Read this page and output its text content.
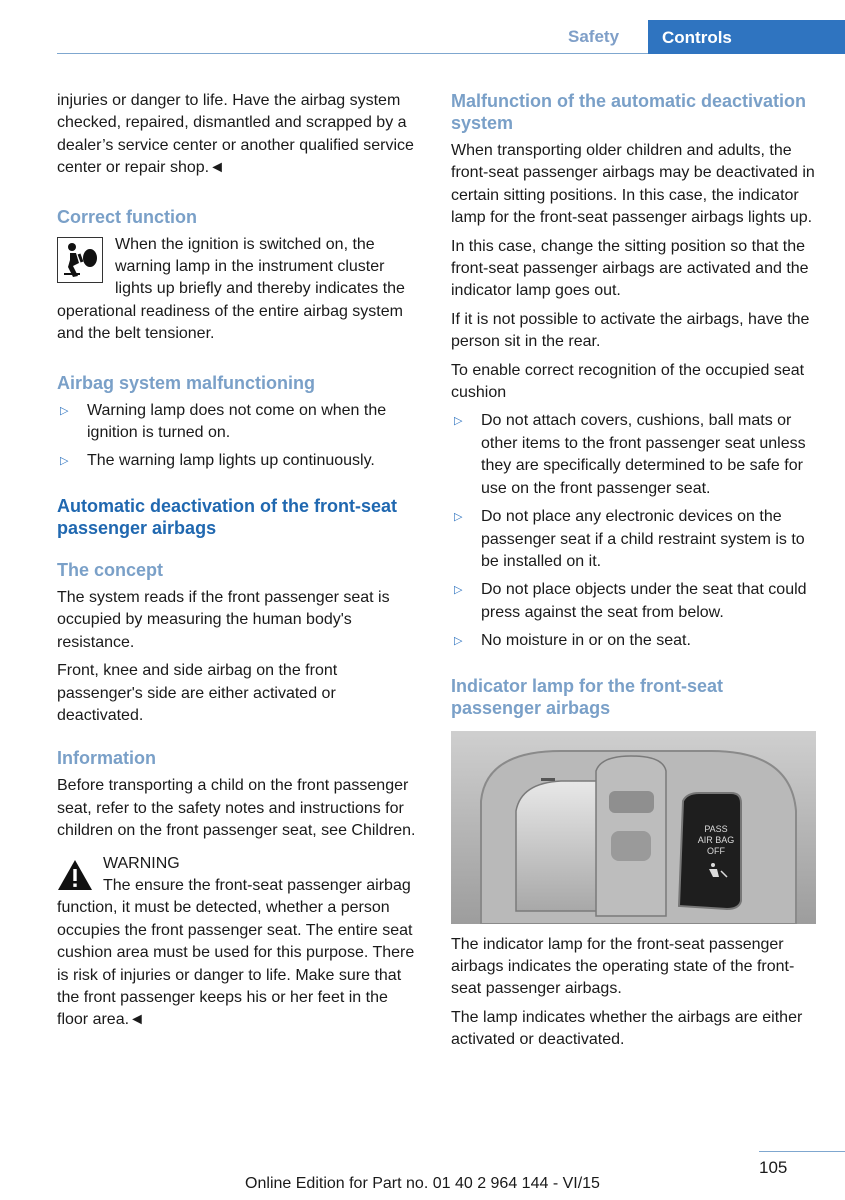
Safety	Controls

injuries or danger to life. Have the airbag system checked, repaired, dismantled and scrapped by a dealer’s service center or another qualified service center or repair shop.◄

Correct function
When the ignition is switched on, the warning lamp in the instrument cluster lights up briefly and thereby indicates the operational readiness of the entire airbag system and the belt tensioner.
Airbag system malfunctioning
▷ Warning lamp does not come on when the ignition is turned on.
▷ The warning lamp lights up continuously.
Automatic deactivation of the front-seat passenger airbags
The concept

The system reads if the front passenger seat is occupied by measuring the human body's resistance.

Front, knee and side airbag on the front passenger's side are either activated or deactivated.

Information

Before transporting a child on the front passenger seat, refer to the safety notes and instructions for children on the front passenger seat, see Children.

WARNING
The ensure the front-seat passenger airbag function, it must be detected, whether a person occupies the front passenger seat. The entire seat cushion area must be used for this purpose. There is risk of injuries or danger to life. Make sure that the front passenger keeps his or her feet in the floor area.◄
Malfunction of the automatic deactivation system

When transporting older children and adults, the front-seat passenger airbags may be deactivated in certain sitting positions. In this case, the indicator lamp for the front-seat passenger airbags lights up.

In this case, change the sitting position so that the front-seat passenger airbags are activated and the indicator lamp goes out.

If it is not possible to activate the airbags, have the person sit in the rear.

To enable correct recognition of the occupied seat cushion

▷ Do not attach covers, cushions, ball mats or other items to the front passenger seat unless they are specifically determined to be safe for use on the front passenger seat.
▷ Do not place any electronic devices on the passenger seat if a child restraint system is to be installed on it.
▷ Do not place objects under the seat that could press against the seat from below.
▷ No moisture in or on the seat.
Indicator lamp for the front-seat passenger airbags
PASS
AIR BAG
OFF

The indicator lamp for the front-seat passenger airbags indicates the operating state of the front-seat passenger airbags.

The lamp indicates whether the airbags are either activated or deactivated.

105
Online Edition for Part no. 01 40 2 964 144 - VI/15
